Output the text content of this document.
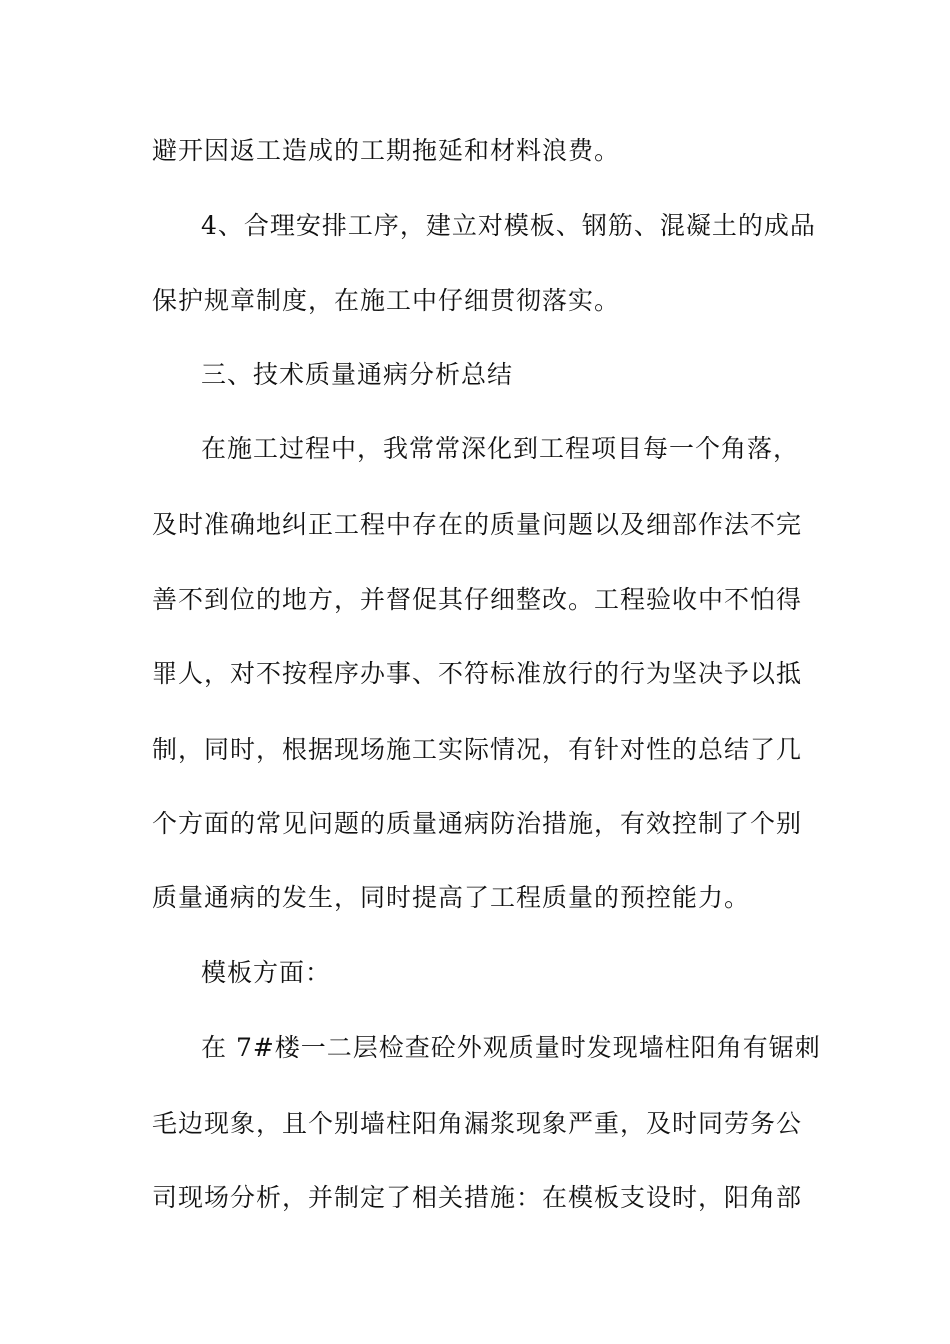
避开因返工造成的工期拖延和材料浪费。
4、合理安排工序，建立对模板、钢筋、混凝土的成品
保护规章制度，在施工中仔细贯彻落实。
三、技术质量通病分析总结
在施工过程中，我常常深化到工程项目每一个角落，
及时准确地纠正工程中存在的质量问题以及细部作法不完
善不到位的地方，并督促其仔细整改。工程验收中不怕得
罪人，对不按程序办事、不符标准放行的行为坚决予以抵
制，同时，根据现场施工实际情况，有针对性的总结了几
个方面的常见问题的质量通病防治措施，有效控制了个别
质量通病的发生，同时提高了工程质量的预控能力。
模板方面：
在 7#楼一二层检查砼外观质量时发现墙柱阳角有锯刺
毛边现象，且个别墙柱阳角漏浆现象严重，及时同劳务公
司现场分析，并制定了相关措施：在模板支设时，阳角部
